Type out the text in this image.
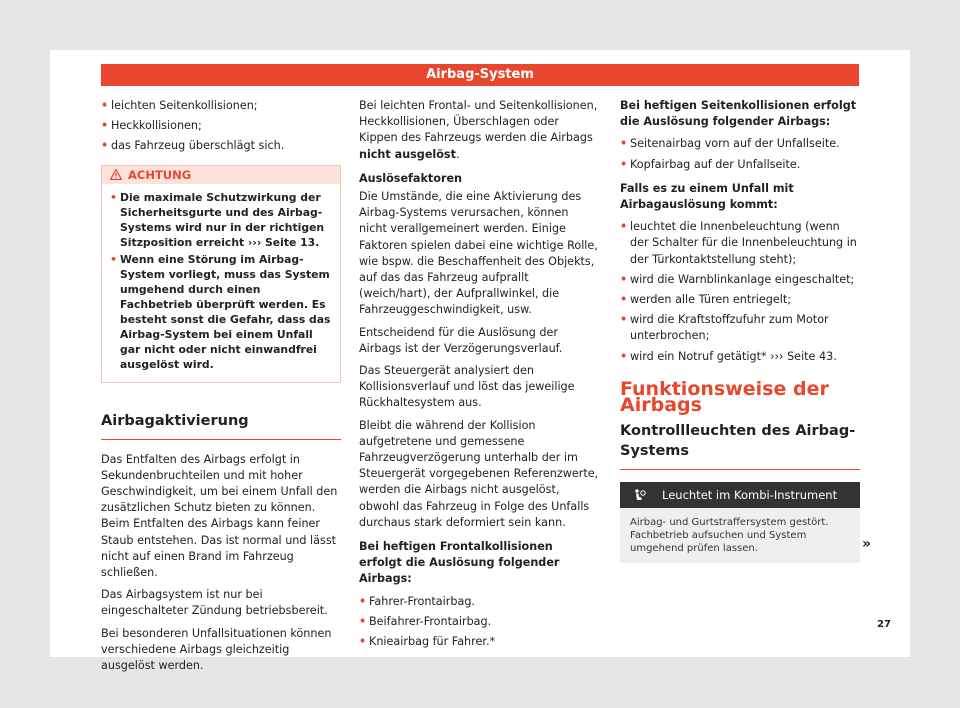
Airbag-System
• leichten Seitenkollisionen;
• Heckkollisionen;
• das Fahrzeug überschlägt sich.
ACHTUNG
• Die maximale Schutzwirkung der Sicherheitsgurte und des Airbag-Systems wird nur in der richtigen Sitzposition erreicht ››› Seite 13.
• Wenn eine Störung im Airbag-System vorliegt, muss das System umgehend durch einen Fachbetrieb überprüft werden. Es besteht sonst die Gefahr, dass das Airbag-System bei einem Unfall gar nicht oder nicht einwandfrei ausgelöst wird.
Airbagaktivierung
Das Entfalten des Airbags erfolgt in Sekundenbruchteilen und mit hoher Geschwindigkeit, um bei einem Unfall den zusätzlichen Schutz bieten zu können. Beim Entfalten des Airbags kann feiner Staub entstehen. Das ist normal und lässt nicht auf einen Brand im Fahrzeug schließen.
Das Airbagsystem ist nur bei eingeschalteter Zündung betriebsbereit.
Bei besonderen Unfallsituationen können verschiedene Airbags gleichzeitig ausgelöst werden.
Bei leichten Frontal- und Seitenkollisionen, Heckkollisionen, Überschlagen oder Kippen des Fahrzeugs werden die Airbags nicht ausgelöst.
Auslösefaktoren
Die Umstände, die eine Aktivierung des Airbag-Systems verursachen, können nicht verallgemeinert werden. Einige Faktoren spielen dabei eine wichtige Rolle, wie bspw. die Beschaffenheit des Objekts, auf das das Fahrzeug aufprallt (weich/hart), der Aufprallwinkel, die Fahrzeuggeschwindigkeit, usw.
Entscheidend für die Auslösung der Airbags ist der Verzögerungsverlauf.
Das Steuergerät analysiert den Kollisionsverlauf und löst das jeweilige Rückhaltesystem aus.
Bleibt die während der Kollision aufgetretene und gemessene Fahrzeugverzögerung unterhalb der im Steuergerät vorgegebenen Referenzwerte, werden die Airbags nicht ausgelöst, obwohl das Fahrzeug in Folge des Unfalls durchaus stark deformiert sein kann.
Bei heftigen Frontalkollisionen erfolgt die Auslösung folgender Airbags:
• Fahrer-Frontairbag.
• Beifahrer-Frontairbag.
• Knieairbag für Fahrer.*
Bei heftigen Seitenkollisionen erfolgt die Auslösung folgender Airbags:
• Seitenairbag vorn auf der Unfallseite.
• Kopfairbag auf der Unfallseite.
Falls es zu einem Unfall mit Airbagauslösung kommt:
• leuchtet die Innenbeleuchtung (wenn der Schalter für die Innenbeleuchtung in der Türkontaktstellung steht);
• wird die Warnblinkanlage eingeschaltet;
• werden alle Türen entriegelt;
• wird die Kraftstoffzufuhr zum Motor unterbrochen;
• wird ein Notruf getätigt* ››› Seite 43.
Funktionsweise der Airbags
Kontrollleuchten des Airbag-Systems
Leuchtet im Kombi-Instrument
Airbag- und Gurtstraffersystem gestört. Fachbetrieb aufsuchen und System umgehend prüfen lassen.	»
27
